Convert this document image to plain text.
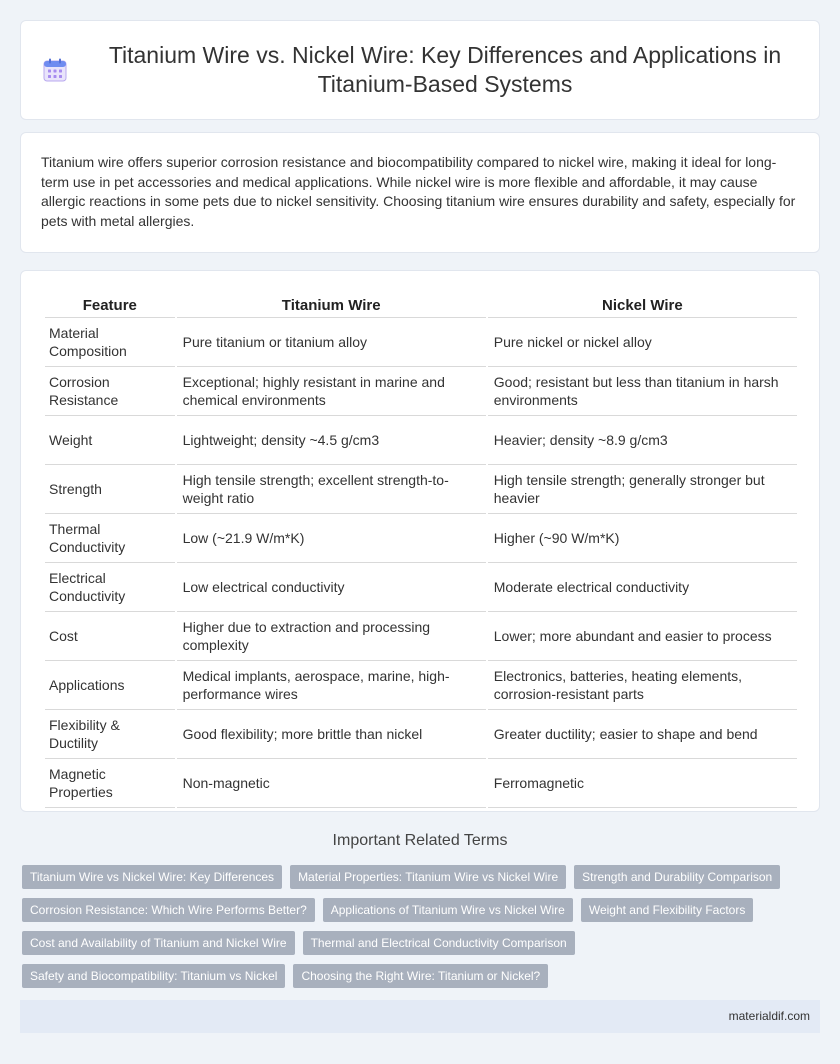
Titanium Wire vs. Nickel Wire: Key Differences and Applications in Titanium-Based Systems

Titanium wire offers superior corrosion resistance and biocompatibility compared to nickel wire, making it ideal for long-term use in pet accessories and medical applications. While nickel wire is more flexible and affordable, it may cause allergic reactions in some pets due to nickel sensitivity. Choosing titanium wire ensures durability and safety, especially for pets with metal allergies.

Feature	Titanium Wire	Nickel Wire
Material Composition	Pure titanium or titanium alloy	Pure nickel or nickel alloy
Corrosion Resistance	Exceptional; highly resistant in marine and chemical environments	Good; resistant but less than titanium in harsh environments
Weight	Lightweight; density ~4.5 g/cm3	Heavier; density ~8.9 g/cm3
Strength	High tensile strength; excellent strength-to-weight ratio	High tensile strength; generally stronger but heavier
Thermal Conductivity	Low (~21.9 W/m*K)	Higher (~90 W/m*K)
Electrical Conductivity	Low electrical conductivity	Moderate electrical conductivity
Cost	Higher due to extraction and processing complexity	Lower; more abundant and easier to process
Applications	Medical implants, aerospace, marine, high-performance wires	Electronics, batteries, heating elements, corrosion-resistant parts
Flexibility & Ductility	Good flexibility; more brittle than nickel	Greater ductility; easier to shape and bend
Magnetic Properties	Non-magnetic	Ferromagnetic
Important Related Terms
Titanium Wire vs Nickel Wire: Key Differences	Material Properties: Titanium Wire vs Nickel Wire	Strength and Durability Comparison
Corrosion Resistance: Which Wire Performs Better?	Applications of Titanium Wire vs Nickel Wire	Weight and Flexibility Factors
Cost and Availability of Titanium and Nickel Wire	Thermal and Electrical Conductivity Comparison
Safety and Biocompatibility: Titanium vs Nickel	Choosing the Right Wire: Titanium or Nickel?
materialdif.com
